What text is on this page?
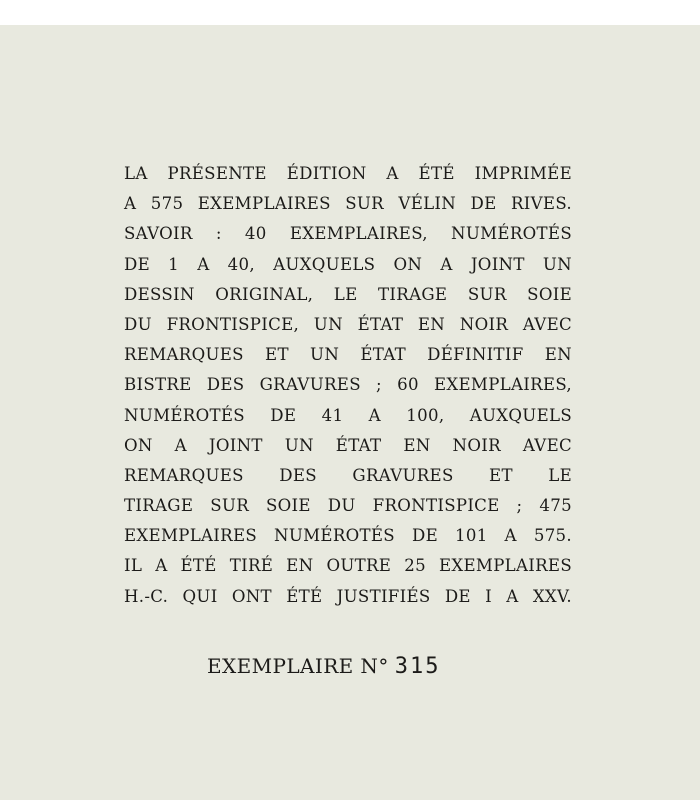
LA PRÉSENTE ÉDITION A ÉTÉ IMPRIMÉE
A 575 EXEMPLAIRES SUR VÉLIN DE RIVES.
SAVOIR : 40 EXEMPLAIRES, NUMÉROTÉS
DE 1 A 40, AUXQUELS ON A JOINT UN
DESSIN ORIGINAL, LE TIRAGE SUR SOIE
DU FRONTISPICE, UN ÉTAT EN NOIR AVEC
REMARQUES ET UN ÉTAT DÉFINITIF EN
BISTRE DES GRAVURES ; 60 EXEMPLAIRES,
NUMÉROTÉS DE 41 A 100, AUXQUELS
ON A JOINT UN ÉTAT EN NOIR AVEC
REMARQUES DES GRAVURES ET LE
TIRAGE SUR SOIE DU FRONTISPICE ; 475
EXEMPLAIRES NUMÉROTÉS DE 101 A 575.
IL A ÉTÉ TIRÉ EN OUTRE 25 EXEMPLAIRES
H.-C. QUI ONT ÉTÉ JUSTIFIÉS DE I A XXV.
EXEMPLAIRE N° 315
